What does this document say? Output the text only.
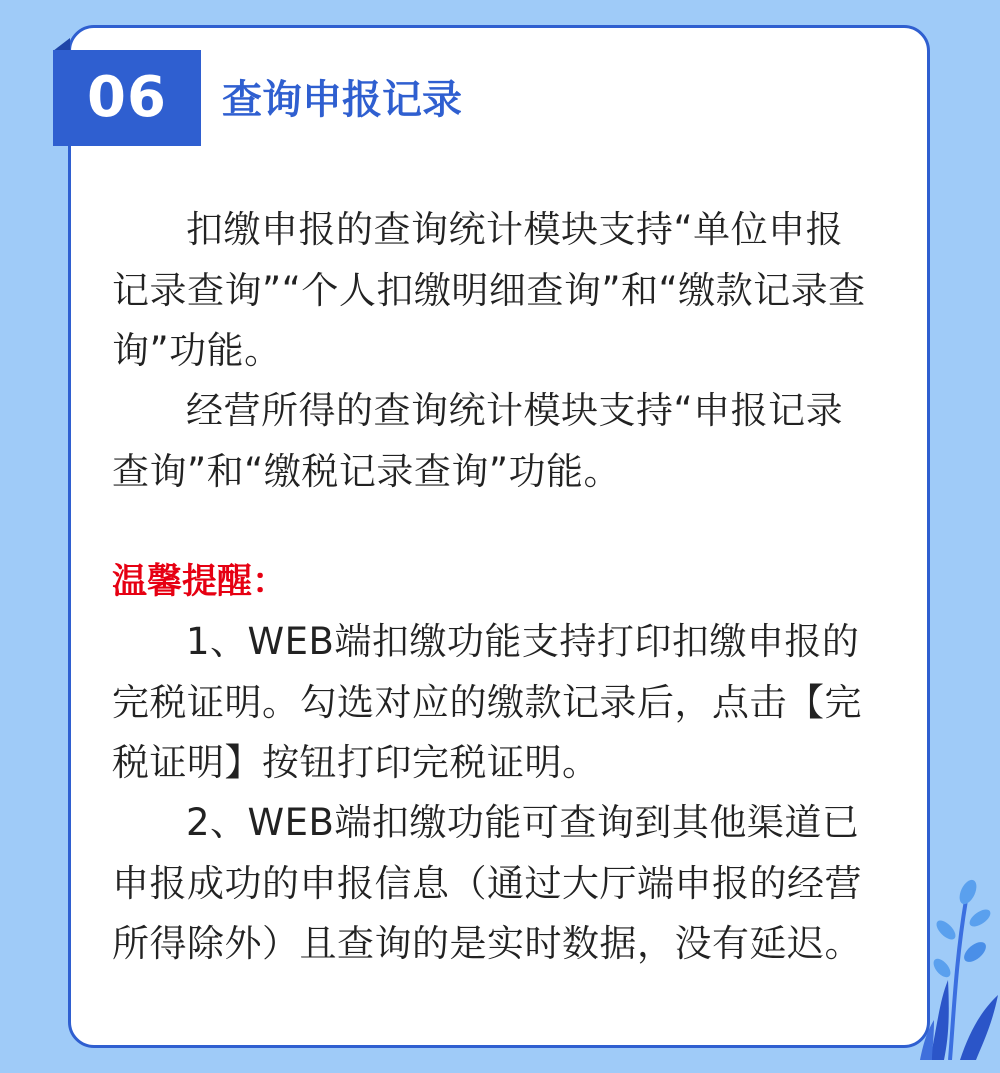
06	查询申报记录

扣缴申报的查询统计模块支持“单位申报记录查询”“个人扣缴明细查询”和“缴款记录查询”功能。

经营所得的查询统计模块支持“申报记录查询”和“缴税记录查询”功能。

温馨提醒：

1、WEB端扣缴功能支持打印扣缴申报的完税证明。勾选对应的缴款记录后，点击【完税证明】按钮打印完税证明。

2、WEB端扣缴功能可查询到其他渠道已申报成功的申报信息（通过大厅端申报的经营所得除外）且查询的是实时数据，没有延迟。
